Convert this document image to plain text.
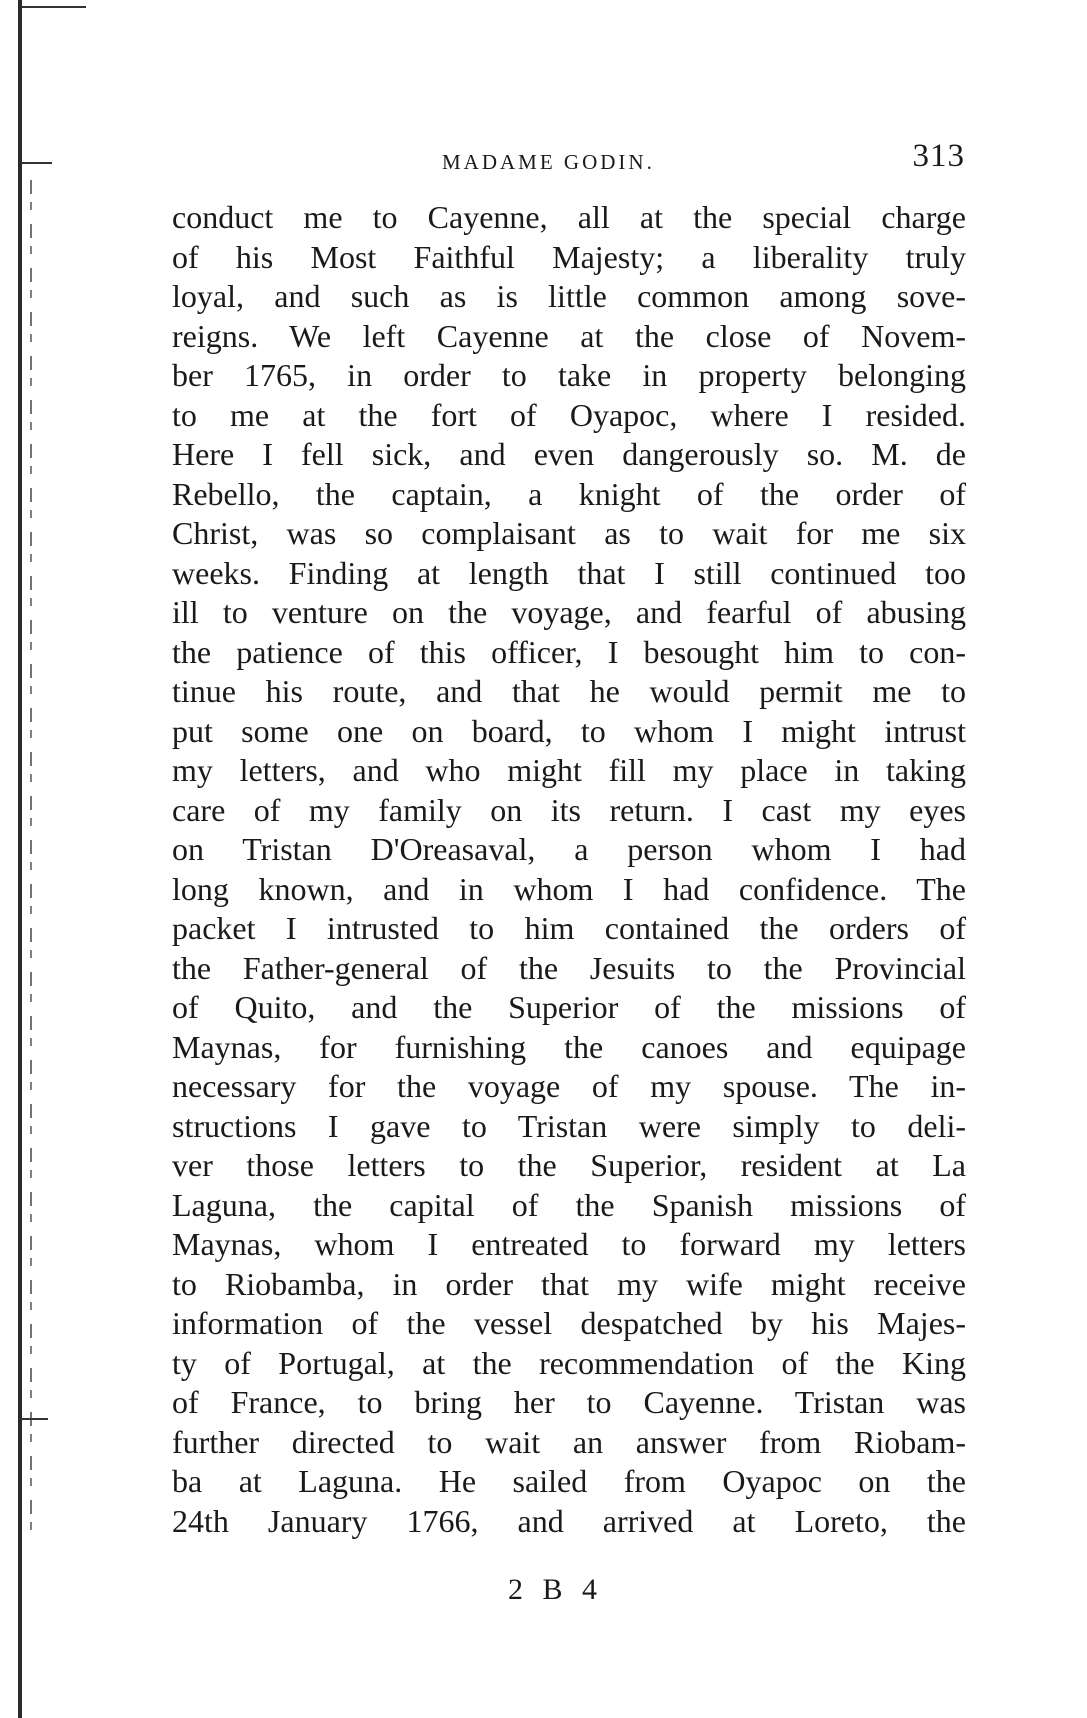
MADAME GODIN.	313
conduct me to Cayenne, all at the special charge
of his Most Faithful Majesty; a liberality truly
loyal, and such as is little common among sove-
reigns. We left Cayenne at the close of Novem-
ber 1765, in order to take in property belonging
to me at the fort of Oyapoc, where I resided.
Here I fell sick, and even dangerously so. M. de
Rebello, the captain, a knight of the order of
Christ, was so complaisant as to wait for me six
weeks. Finding at length that I still continued too
ill to venture on the voyage, and fearful of abusing
the patience of this officer, I besought him to con-
tinue his route, and that he would permit me to
put some one on board, to whom I might intrust
my letters, and who might fill my place in taking
care of my family on its return. I cast my eyes
on Tristan D'Oreasaval, a person whom I had
long known, and in whom I had confidence. The
packet I intrusted to him contained the orders of
the Father-general of the Jesuits to the Provincial
of Quito, and the Superior of the missions of
Maynas, for furnishing the canoes and equipage
necessary for the voyage of my spouse. The in-
structions I gave to Tristan were simply to deli-
ver those letters to the Superior, resident at La
Laguna, the capital of the Spanish missions of
Maynas, whom I entreated to forward my letters
to Riobamba, in order that my wife might receive
information of the vessel despatched by his Majes-
ty of Portugal, at the recommendation of the King
of France, to bring her to Cayenne. Tristan was
further directed to wait an answer from Riobam-
ba at Laguna. He sailed from Oyapoc on the
24th January 1766, and arrived at Loreto, the
2 B 4
